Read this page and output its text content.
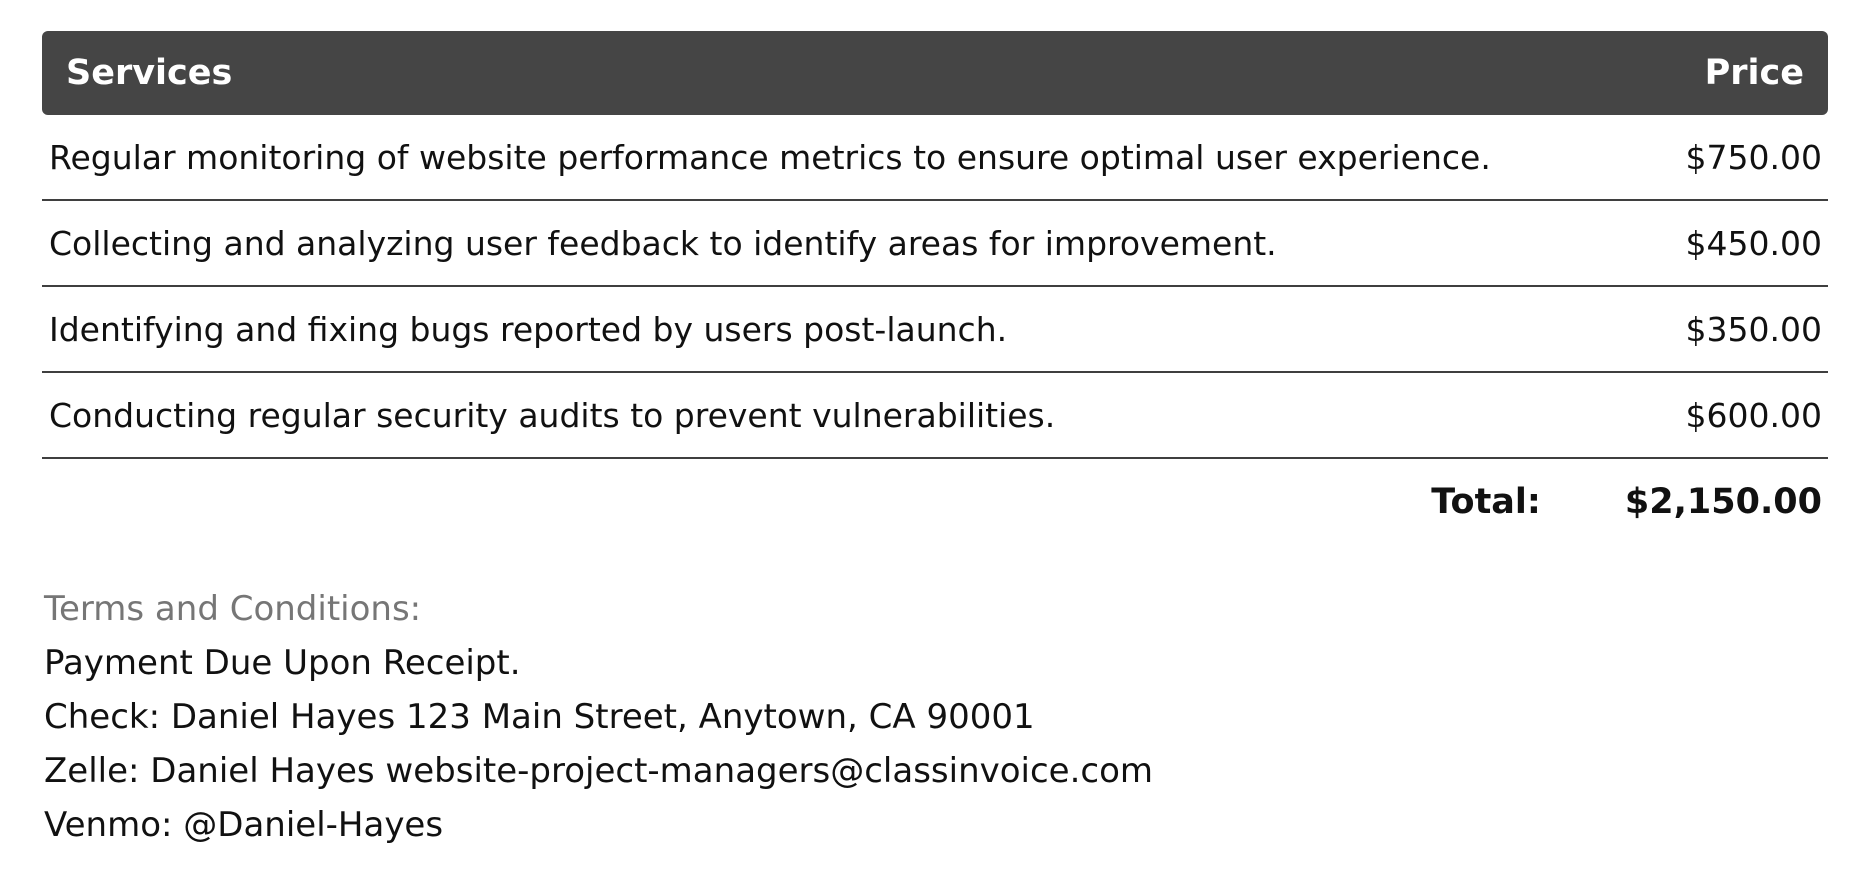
Services	Price
Regular monitoring of website performance metrics to ensure optimal user experience.	$750.00
Collecting and analyzing user feedback to identify areas for improvement.	$450.00
Identifying and fixing bugs reported by users post-launch.	$350.00
Conducting regular security audits to prevent vulnerabilities.	$600.00
Total: $2,150.00
Terms and Conditions:
Payment Due Upon Receipt.
Check: Daniel Hayes 123 Main Street, Anytown, CA 90001
Zelle: Daniel Hayes website-project-managers@classinvoice.com
Venmo: @Daniel-Hayes
